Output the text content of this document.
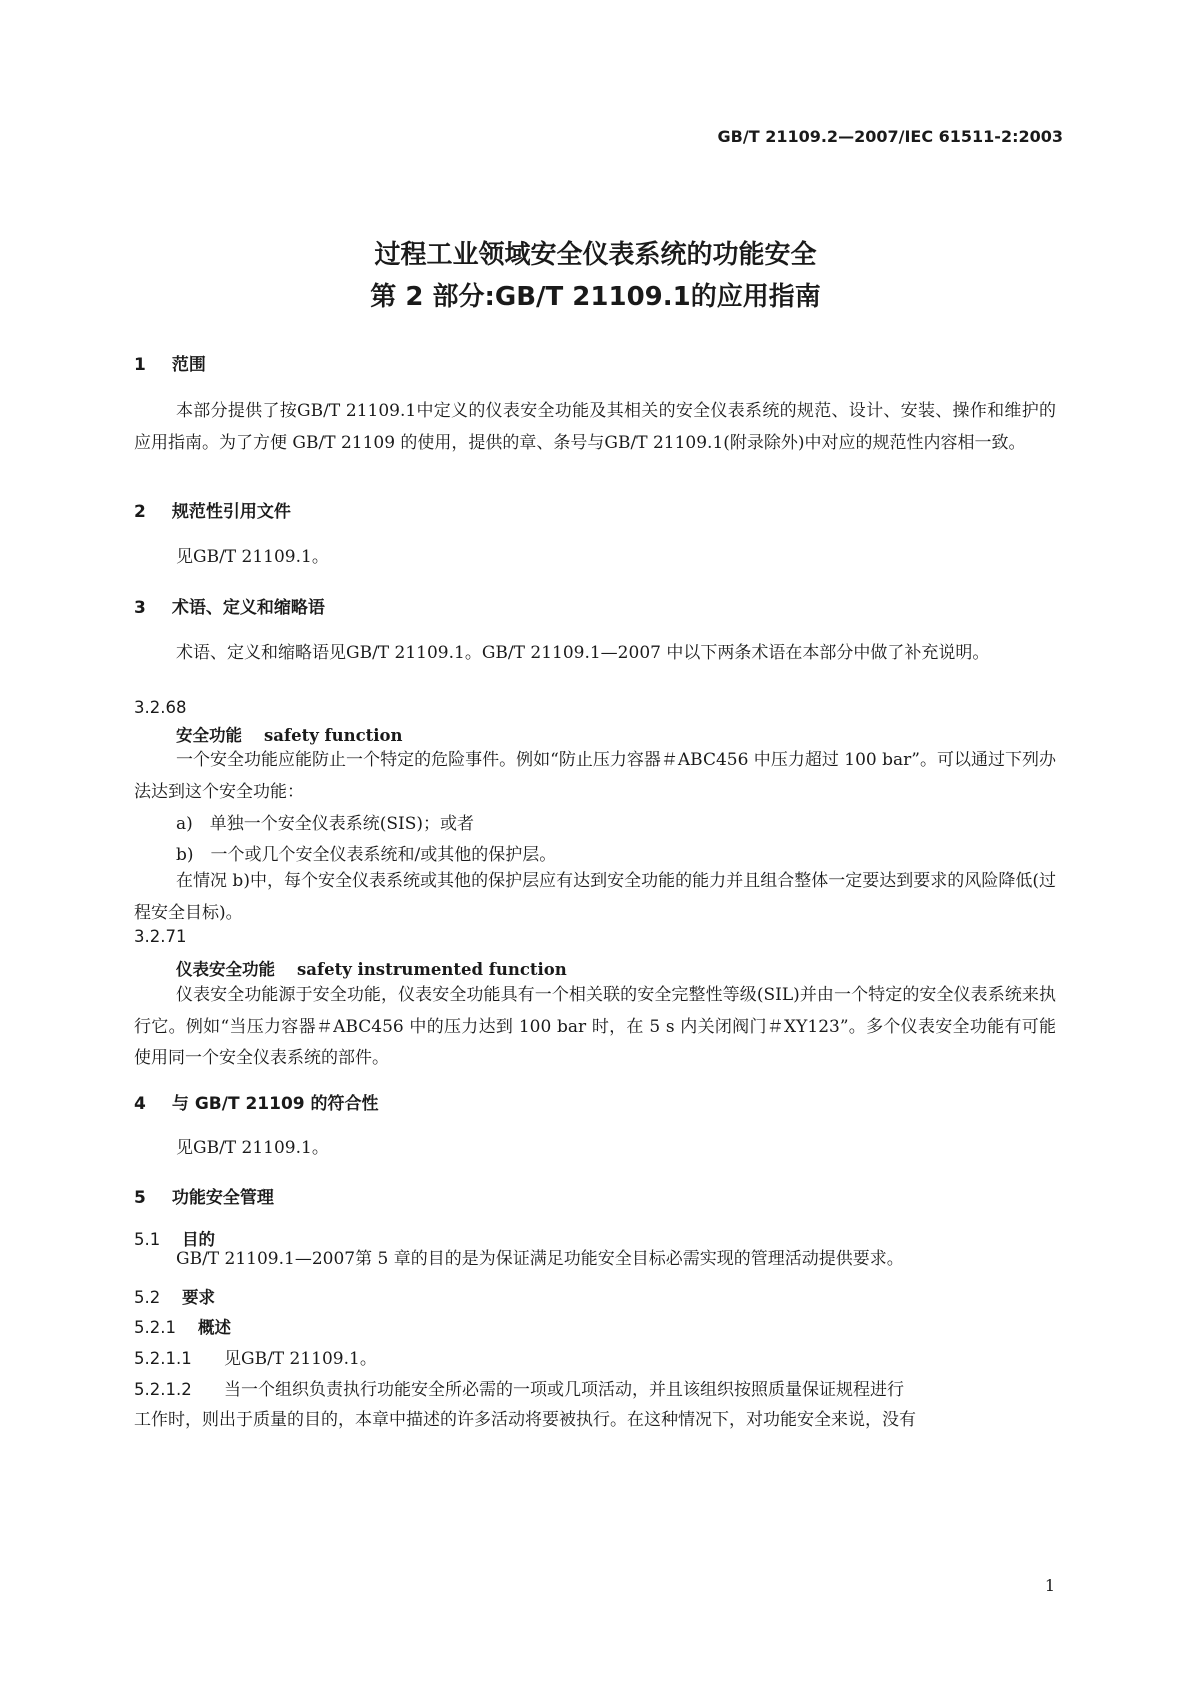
GB/T 21109.2—2007/IEC 61511-2:2003
过程工业领域安全仪表系统的功能安全
第 2 部分:GB/T 21109.1的应用指南
1 范围
本部分提供了按GB/T 21109.1中定义的仪表安全功能及其相关的安全仪表系统的规范、设计、安装、操作和维护的应用指南。为了方便 GB/T 21109 的使用，提供的章、条号与GB/T 21109.1(附录除外)中对应的规范性内容相一致。
2 规范性引用文件
见GB/T 21109.1。
3 术语、定义和缩略语
术语、定义和缩略语见GB/T 21109.1。GB/T 21109.1—2007 中以下两条术语在本部分中做了补充说明。
3.2.68
安全功能 safety function
一个安全功能应能防止一个特定的危险事件。例如“防止压力容器＃ABC456 中压力超过 100 bar”。可以通过下列办法达到这个安全功能：
a)　单独一个安全仪表系统(SIS)；或者
b)　一个或几个安全仪表系统和/或其他的保护层。
在情况 b)中，每个安全仪表系统或其他的保护层应有达到安全功能的能力并且组合整体一定要达到要求的风险降低(过程安全目标)。
3.2.71
仪表安全功能 safety instrumented function
仪表安全功能源于安全功能，仪表安全功能具有一个相关联的安全完整性等级(SIL)并由一个特定的安全仪表系统来执行它。例如“当压力容器＃ABC456 中的压力达到 100 bar 时，在 5 s 内关闭阀门＃XY123”。多个仪表安全功能有可能使用同一个安全仪表系统的部件。
4 与 GB/T 21109 的符合性
见GB/T 21109.1。
5 功能安全管理
5.1 目的
GB/T 21109.1—2007第 5 章的目的是为保证满足功能安全目标必需实现的管理活动提供要求。
5.2 要求
5.2.1 概述
5.2.1.1 见GB/T 21109.1。
5.2.1.2 当一个组织负责执行功能安全所必需的一项或几项活动，并且该组织按照质量保证规程进行
工作时，则出于质量的目的，本章中描述的许多活动将要被执行。在这种情况下，对功能安全来说，没有
1
